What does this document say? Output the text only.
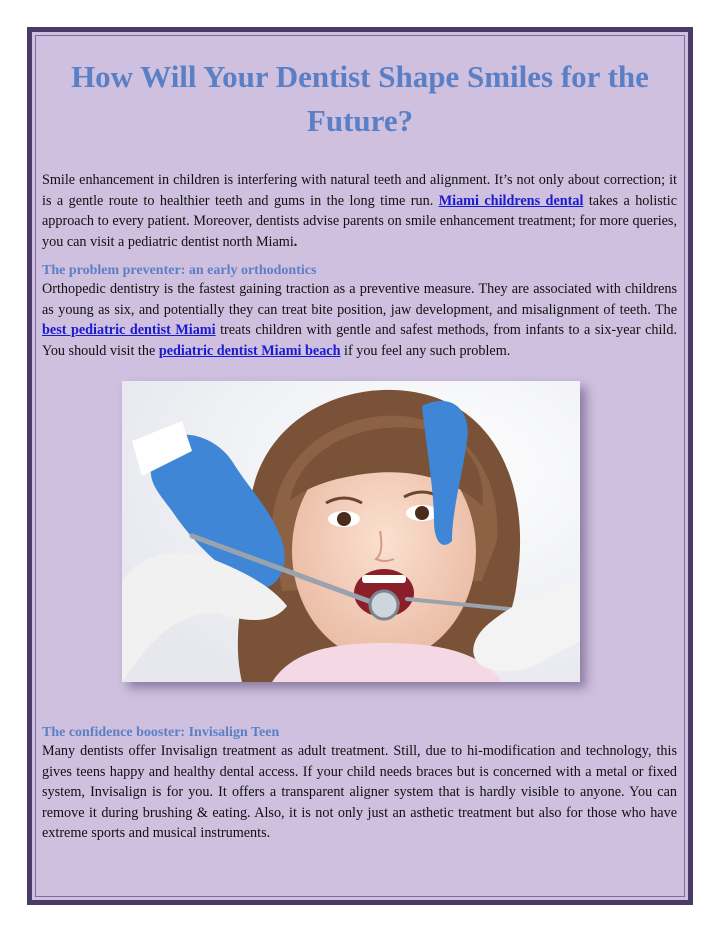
How Will Your Dentist Shape Smiles for the Future?

Smile enhancement in children is interfering with natural teeth and alignment. It’s not only about correction; it is a gentle route to healthier teeth and gums in the long time run. Miami childrens dental takes a holistic approach to every patient. Moreover, dentists advise parents on smile enhancement treatment; for more queries, you can visit a pediatric dentist north Miami.

The problem preventer: an early orthodontics

Orthopedic dentistry is the fastest gaining traction as a preventive measure. They are associated with childrens as young as six, and potentially they can treat bite position, jaw development, and misalignment of teeth. The best pediatric dentist Miami treats children with gentle and safest methods, from infants to a six-year child. You should visit the pediatric dentist Miami beach if you feel any such problem.

The confidence booster: Invisalign Teen

Many dentists offer Invisalign treatment as adult treatment. Still, due to hi-modification and technology, this gives teens happy and healthy dental access. If your child needs braces but is concerned with a metal or fixed system, Invisalign is for you. It offers a transparent aligner system that is hardly visible to anyone. You can remove it during brushing & eating. Also, it is not only just an asthetic treatment but also for those who have extreme sports and musical instruments.
